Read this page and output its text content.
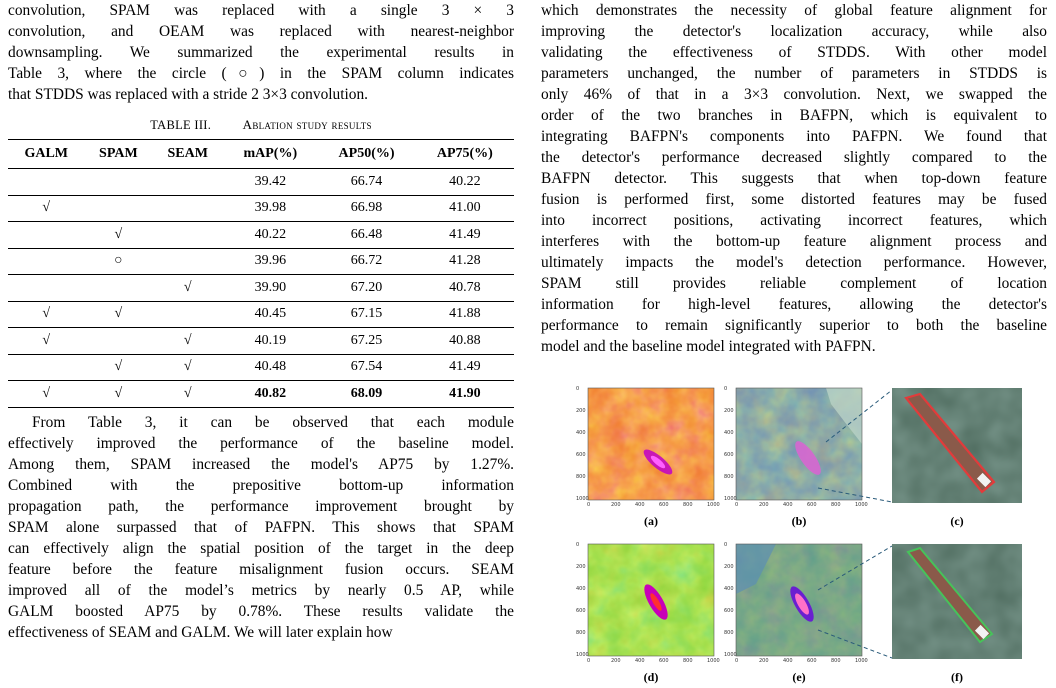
convolution, SPAM was replaced with a single 3 × 3

convolution, and OEAM was replaced with nearest-neighbor

downsampling. We summarized the experimental results in

Table 3, where the circle (○) in the SPAM column indicates

that STDDS was replaced with a stride 2 3×3 convolution.

TABLE III. Ablation study results
GALM	SPAM	SEAM	mAP(%)	AP50(%)	AP75(%)
			39.42	66.74	40.22
√			39.98	66.98	41.00
	√		40.22	66.48	41.49
	○		39.96	66.72	41.28
		√	39.90	67.20	40.78
√	√		40.45	67.15	41.88
√		√	40.19	67.25	40.88
	√	√	40.48	67.54	41.49
√	√	√	40.82	68.09	41.90

From Table 3, it can be observed that each module

effectively improved the performance of the baseline model.

Among them, SPAM increased the model's AP75 by 1.27%.

Combined with the prepositive bottom-up information

propagation path, the performance improvement brought by

SPAM alone surpassed that of PAFPN. This shows that SPAM

can effectively align the spatial position of the target in the deep

feature before the feature misalignment fusion occurs. SEAM

improved all of the model’s metrics by nearly 0.5 AP, while

GALM boosted AP75 by 0.78%. These results validate the

effectiveness of SEAM and GALM. We will later explain how

which demonstrates the necessity of global feature alignment for

improving the detector's localization accuracy, while also

validating the effectiveness of STDDS. With other model

parameters unchanged, the number of parameters in STDDS is

only 46% of that in a 3×3 convolution. Next, we swapped the

order of the two branches in BAFPN, which is equivalent to

integrating BAFPN's components into PAFPN. We found that

the detector's performance decreased slightly compared to the

BAFPN detector. This suggests that when top-down feature

fusion is performed first, some distorted features may be fused

into incorrect positions, activating incorrect features, which

interferes with the bottom-up feature alignment process and

ultimately impacts the model's detection performance. However,

SPAM still provides reliable complement of location

information for high-level features, allowing the detector's

performance to remain significantly superior to both the baseline

model and the baseline model integrated with PAFPN.

0
200
400
600
800
1000
0	200	400	600	800	1000
0
200
400
600
800
1000
0	200	400	600	800	1000
0
200
400
600
800
1000
0	200	400	600	800	1000
0
200
400
600
800
1000
0	200	400	600	800	1000
(a)	(b)	(c)
(d)	(e)	(f)
